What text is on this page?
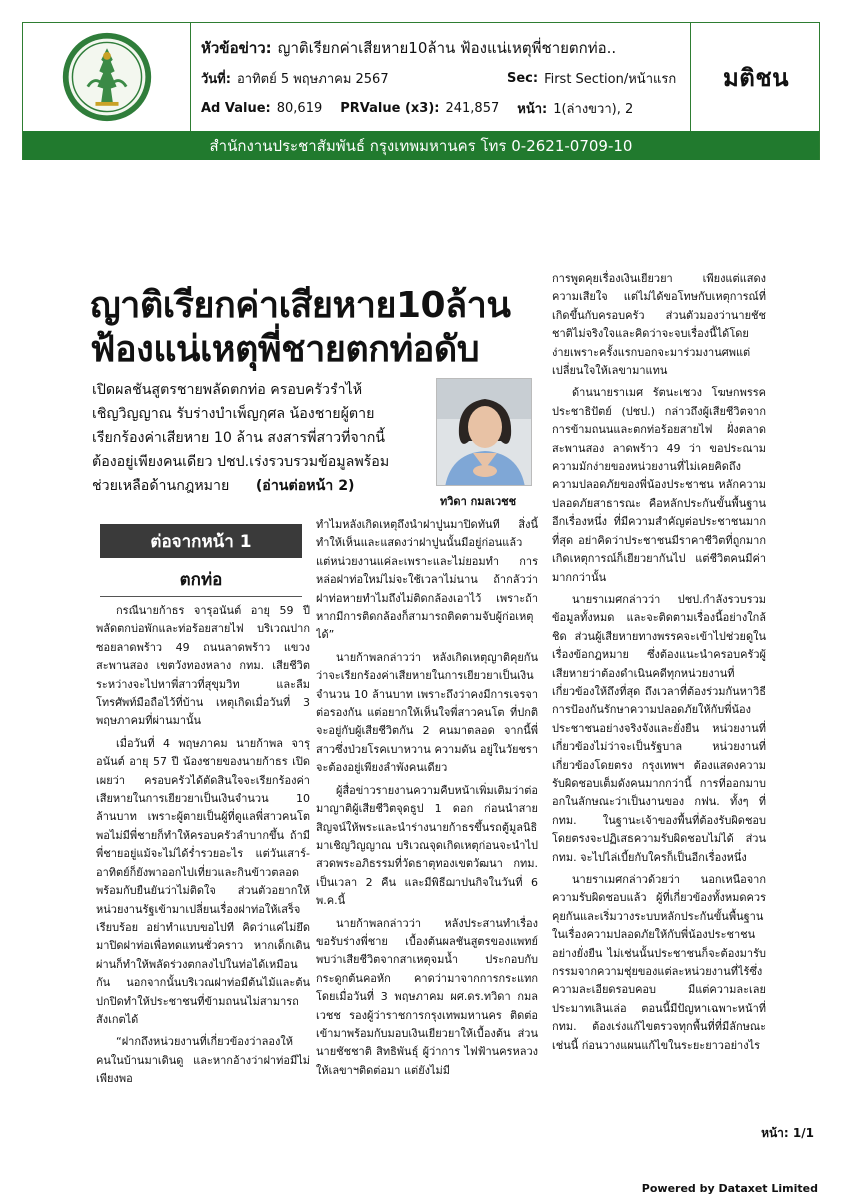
หัวข้อข่าว: ญาติเรียกค่าเสียหาย10ล้าน ฟ้องแน่เหตุพี่ชายตกท่อ..
วันที่: อาทิตย์ 5 พฤษภาคม 2567	Sec: First Section/หน้าแรก
Ad Value: 80,619 PRValue (x3): 241,857 หน้า: 1(ล่างขวา), 2
มติชน
สำนักงานประชาสัมพันธ์ กรุงเทพมหานคร โทร 0-2621-0709-10
ญาติเรียกค่าเสียหาย10ล้าน
ฟ้องแน่เหตุพี่ชายตกท่อดับ
เปิดผลชันสูตรชายพลัดตกท่อ ครอบครัวรำไห้
เชิญวิญญาณ รับร่างบำเพ็ญกุศล น้องชายผู้ตาย
เรียกร้องค่าเสียหาย 10 ล้าน สงสารพี่สาวที่จากนี้
ต้องอยู่เพียงคนเดียว ปชป.เร่งรวบรวมข้อมูลพร้อม
ช่วยเหลือด้านกฎหมาย (อ่านต่อหน้า 2)
ทวิดา กมลเวชช
ต่อจากหน้า 1
ตกท่อ

กรณีนายก้าธร จารุอนันต์ อายุ 59 ปี พลัดตกบ่อพักและท่อร้อยสายไฟ บริเวณปากซอยลาดพร้าว 49 ถนนลาดพร้าว แขวงสะพานสอง เขตวังทองหลาง กทม. เสียชีวิตระหว่างจะไปหาพี่สาวที่สุขุมวิท และลืมโทรศัพท์มือถือไว้ที่บ้าน เหตุเกิดเมื่อวันที่ 3 พฤษภาคมที่ผ่านมานั้น

เมื่อวันที่ 4 พฤษภาคม นายก้าพล จารุอนันต์ อายุ 57 ปี น้องชายของนายก้าธร เปิดเผยว่า ครอบครัวได้ตัดสินใจจะเรียกร้องค่าเสียหายในการเยียวยาเป็นเงินจำนวน 10 ล้านบาท เพราะผู้ตายเป็นผู้ที่ดูแลพี่สาวคนโต พอไม่มีพี่ชายก็ทำให้ครอบครัวลำบากขึ้น ถ้ามีพี่ชายอยู่แม้จะไม่ได้ร่ำรวยอะไร แต่วันเสาร์-อาทิตย์ก็ยังพาออกไปเที่ยวและกินข้าวตลอดพร้อมกับยืนยันว่าไม่ติดใจ ส่วนตัวอยากให้หน่วยงานรัฐเข้ามาเปลี่ยนเรื่องฝาท่อให้เสร็จเรียบร้อย อย่าทำแบบขอไปที คิดว่าแค่ไม่ยึดมาปิดฝาท่อเพื่อทดแทนชั่วคราว หากเด็กเดินผ่านก็ทำให้พลัดร่วงตกลงไปในท่อได้เหมือนกัน นอกจากนั้นบริเวณฝาท่อมีต้นไม้และต้นปกปิดทำให้ประชาชนที่ข้ามถนนไม่สามารถสังเกตได้

“ฝากถึงหน่วยงานที่เกี่ยวข้องว่าลองให้คนในบ้านมาเดินดู และหากอ้างว่าฝาท่อมีไม่เพียงพอ

ทำไมหลังเกิดเหตุถึงนำฝาปูนมาปิดทันที สิ่งนี้ทำให้เห็นและแสดงว่าฝาปูนนั้นมีอยู่ก่อนแล้ว แต่หน่วยงานแค่ละเพราะและไม่ยอมทำ การหล่อฝาท่อใหม่ไม่จะใช้เวลาไม่นาน ถ้ากลัวว่าฝาท่อหายทำไมถึงไม่ติดกล้องเอาไว้ เพราะถ้าหากมีการติดกล้องก็สามารถติดตามจับผู้ก่อเหตุได้”

นายก้าพลกล่าวว่า หลังเกิดเหตุญาติคุยกันว่าจะเรียกร้องค่าเสียหายในการเยียวยาเป็นเงินจำนวน 10 ล้านบาท เพราะถึงว่าคงมีการเจรจาต่อรองกัน แต่อยากให้เห็นใจพี่สาวคนโต ที่ปกติจะอยู่กับผู้เสียชีวิตกัน 2 คนมาตลอด จากนี้พี่สาวซึ่งป่วยโรคเบาหวาน ความดัน อยู่ในวัยชราจะต้องอยู่เพียงลำพังคนเดียว

ผู้สื่อข่าวรายงานความคืบหน้าเพิ่มเติมว่าต่อมาญาติผู้เสียชีวิตจุดธูป 1 ดอก ก่อนนำสายสิญจน์ให้พระและนำร่างนายก้าธรขึ้นรถตู้มูลนิธิมาเชิญวิญญาณ บริเวณจุดเกิดเหตุก่อนจะนำไปสวดพระอภิธรรมที่วัดธาตุทองเขตวัฒนา กทม. เป็นเวลา 2 คืน และมีพิธีฌาปนกิจในวันที่ 6 พ.ค.นี้

นายก้าพลกล่าวว่า หลังประสานทำเรื่องขอรับร่างพี่ชาย เบื้องต้นผลชันสูตรของแพทย์พบว่าเสียชีวิตจากสาเหตุจมน้ำ ประกอบกับกระดูกต้นคอหัก คาดว่ามาจากการกระแทก โดยเมื่อวันที่ 3 พฤษภาคม ผศ.ดร.ทวิดา กมลเวชช รองผู้ว่าราชการกรุงเทพมหานคร ติดต่อเข้ามาพร้อมกับมอบเงินเยียวยาให้เบื้องต้น ส่วนนายชัชชาติ สิทธิพันธุ์ ผู้ว่าการ ไฟฟ้านครหลวง ให้เลขาฯติดต่อมา แต่ยังไม่มี

การพูดคุยเรื่องเงินเยียวยา เพียงแต่แสดงความเสียใจ แต่ไม่ได้ขอโทษกับเหตุการณ์ที่เกิดขึ้นกับครอบครัว ส่วนตัวมองว่านายชัชชาติไม่จริงใจและคิดว่าจะจบเรื่องนี้ได้โดยง่ายเพราะครั้งแรกบอกจะมาร่วมงานศพแต่เปลี่ยนใจให้เลขามาแทน

ด้านนายราเมศ รัตนะเชวง โฆษกพรรคประชาธิปัตย์ (ปชป.) กล่าวถึงผู้เสียชีวิตจากการข้ามถนนและตกท่อร้อยสายไฟ ฝั่งตลาดสะพานสอง ลาดพร้าว 49 ว่า ขอประณามความมักง่ายของหน่วยงานที่ไม่เคยคิดถึงความปลอดภัยของพี่น้องประชาชน หลักความปลอดภัยสาธารณะ คือหลักประกันขั้นพื้นฐานอีกเรื่องหนึ่ง ที่มีความสำคัญต่อประชาชนมากที่สุด อย่าคิดว่าประชาชนมีราคาชีวิตที่ถูกมากเกิดเหตุการณ์ก็เยียวยากันไป แต่ชีวิตคนมีค่ามากกว่านั้น

นายราเมศกล่าวว่า ปชป.กำลังรวบรวมข้อมูลทั้งหมด และจะติดตามเรื่องนี้อย่างใกล้ชิด ส่วนผู้เสียหายทางพรรคจะเข้าไปช่วยดูในเรื่องข้อกฎหมาย ซึ่งต้องแนะนำครอบครัวผู้เสียหายว่าต้องดำเนินคดีทุกหน่วยงานที่เกี่ยวข้องให้ถึงที่สุด ถึงเวลาที่ต้องร่วมกันหาวิธีการป้องกันรักษาความปลอดภัยให้กับพี่น้องประชาชนอย่างจริงจังและยั่งยืน หน่วยงานที่เกี่ยวข้องไม่ว่าจะเป็นรัฐบาล หน่วยงานที่เกี่ยวข้องโดยตรง กรุงเทพฯ ต้องแสดงความรับผิดชอบเต็มดังคนมากกว่านี้ การที่ออกมาบอกในลักษณะว่าเป็นงานของ กฟน. ทั้งๆ ที่ กทม. ในฐานะเจ้าของพื้นที่ต้องรับผิดชอบโดยตรงจะปฏิเสธความรับผิดชอบไม่ได้ ส่วน กทม. จะไปไล่เบี้ยกับใครก็เป็นอีกเรื่องหนึ่ง

นายราเมศกล่าวด้วยว่า นอกเหนือจากความรับผิดชอบแล้ว ผู้ที่เกี่ยวข้องทั้งหมดควรคุยกันและเริ่มวางระบบหลักประกันขั้นพื้นฐานในเรื่องความปลอดภัยให้กับพี่น้องประชาชนอย่างยั่งยืน ไม่เช่นนั้นประชาชนก็จะต้องมารับกรรมจากความชุ่ยของแต่ละหน่วยงานที่ไร้ซึ่งความละเอียดรอบคอบ มีแต่ความละเลยประมาทเลินเล่อ ตอนนี้มีปัญหาเฉพาะหน้าที่ กทม. ต้องเร่งแก้ไขตรวจทุกพื้นที่ที่มีลักษณะเช่นนี้ ก่อนวางแผนแก้ไขในระยะยาวอย่างไร

หน้า: 1/1
Powered by Dataxet Limited
